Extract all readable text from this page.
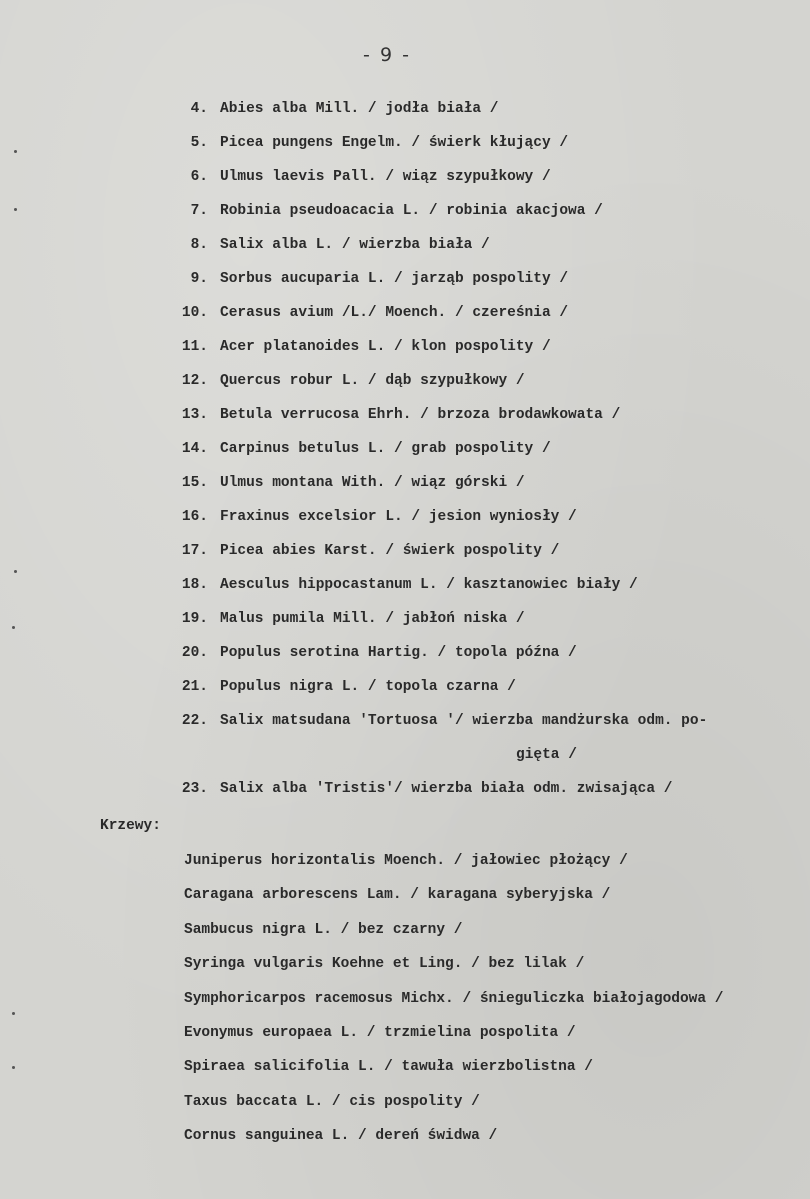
- 9 -
4. Abies alba Mill. / jodła biała /
5. Picea pungens Engelm. / świerk kłujący /
6. Ulmus laevis Pall. / wiąz szypułkowy /
7. Robinia pseudoacacia L. / robinia akacjowa /
8. Salix alba L. / wierzba biała /
9. Sorbus aucuparia L. / jarząb pospolity /
10. Cerasus avium /L./ Moench. / czereśnia /
11. Acer platanoides L. / klon pospolity /
12. Quercus robur L. / dąb szypułkowy /
13. Betula verrucosa Ehrh. / brzoza brodawkowata /
14. Carpinus betulus L. / grab pospolity /
15. Ulmus montana With. / wiąz górski /
16. Fraxinus excelsior L. / jesion wyniosły /
17. Picea abies Karst. / świerk pospolity /
18. Aesculus hippocastanum L. / kasztanowiec biały /
19. Malus pumila Mill. / jabłoń niska /
20. Populus serotina Hartig. / topola późna /
21. Populus nigra L. / topola czarna /
22. Salix matsudana 'Tortuosa '/ wierzba mandżurska odm. po-
gięta /
23. Salix alba 'Tristis'/ wierzba biała odm. zwisająca /
Krzewy:
Juniperus horizontalis Moench. / jałowiec płożący /
Caragana arborescens Lam. / karagana syberyjska /
Sambucus nigra L. / bez czarny /
Syringa vulgaris Koehne et Ling. / bez lilak /
Symphoricarpos racemosus Michx. / śnieguliczka białojagodowa /
Evonymus europaea L. / trzmielina pospolita /
Spiraea salicifolia L. / tawuła wierzbolistna /
Taxus baccata L. / cis pospolity /
Cornus sanguinea L. / dereń świdwa /
